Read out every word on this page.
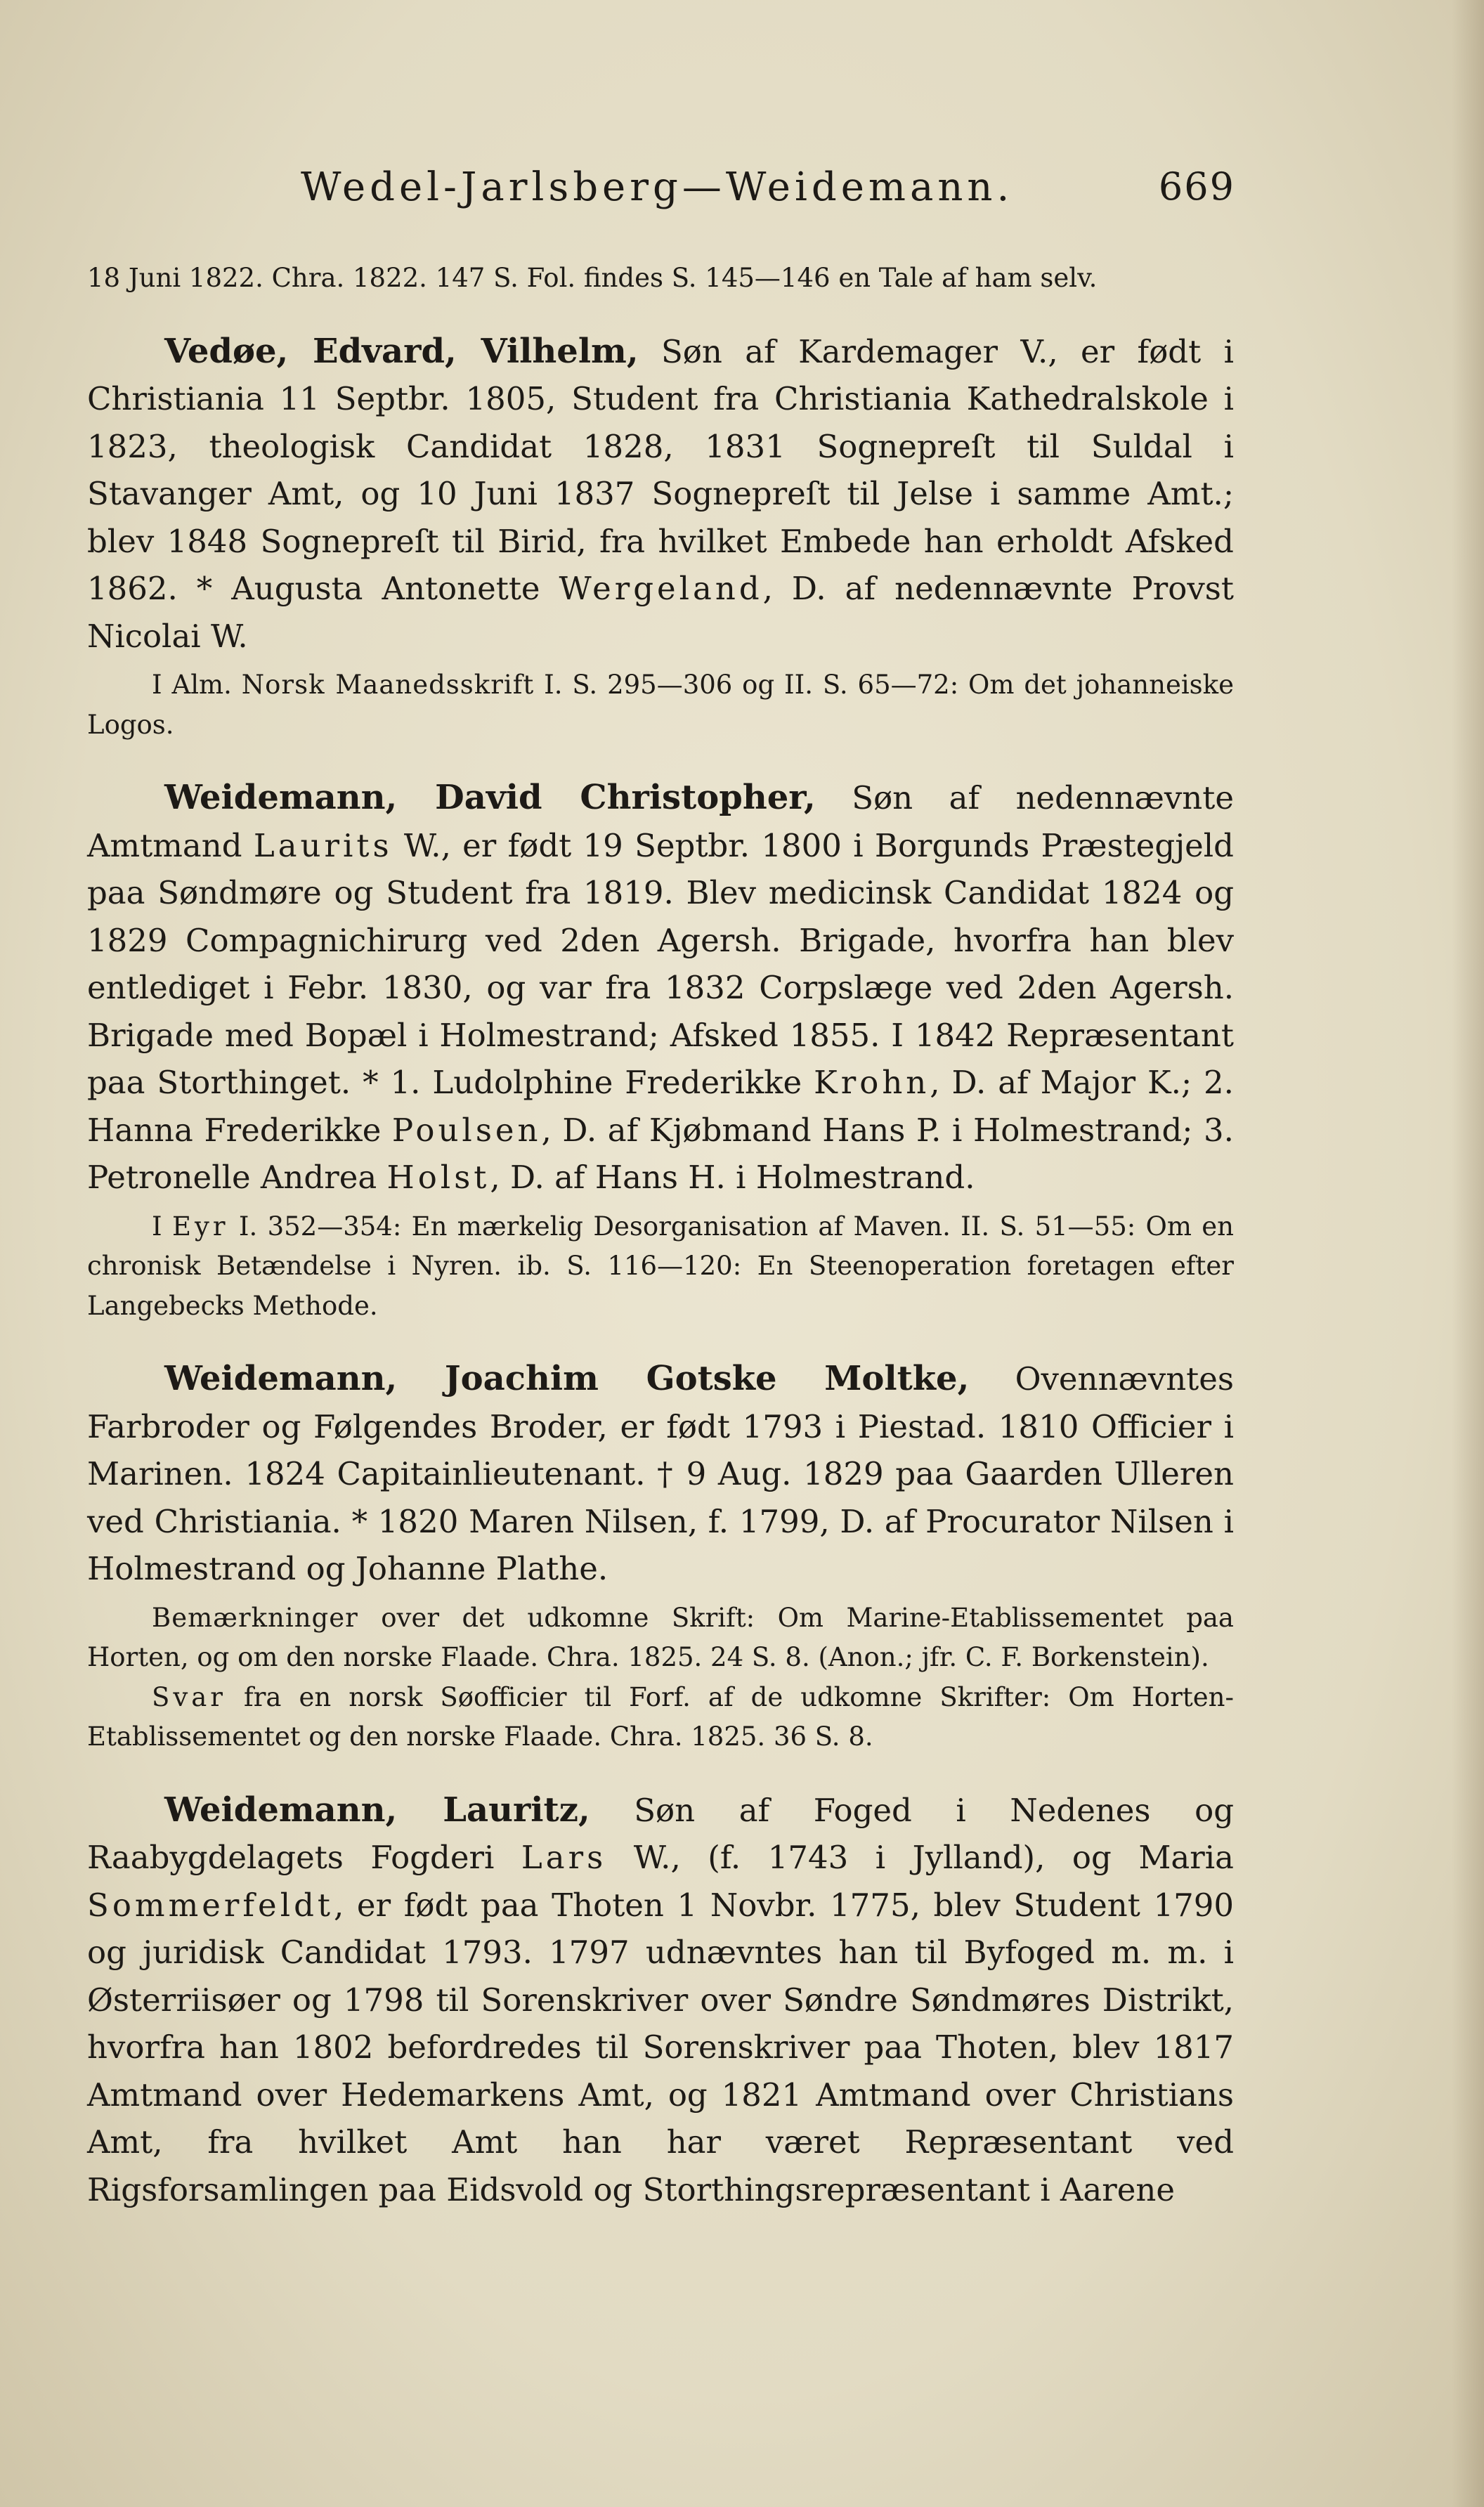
Wedel-Jarlsberg—Weidemann.	669

18 Juni 1822. Chra. 1822. 147 S. Fol. findes S. 145—146 en Tale af ham selv.

Vedøe, Edvard, Vilhelm, Søn af Kardemager V., er født i Christiania 11 Septbr. 1805, Student fra Christiania Kathedralskole i 1823, theologisk Candidat 1828, 1831 Sognepreſt til Suldal i Stavanger Amt, og 10 Juni 1837 Sognepreſt til Jelse i samme Amt.; blev 1848 Sognepreſt til Birid, fra hvilket Embede han erholdt Afsked 1862. * Augusta Antonette Wergeland, D. af nedennævnte Provst Nicolai W.

I Alm. Norsk Maanedsskrift I. S. 295—306 og II. S. 65—72: Om det johanneiske Logos.

Weidemann, David Christopher, Søn af nedennævnte Amtmand Laurits W., er født 19 Septbr. 1800 i Borgunds Præstegjeld paa Søndmøre og Student fra 1819. Blev medicinsk Candidat 1824 og 1829 Compagnichirurg ved 2den Agersh. Brigade, hvorfra han blev entlediget i Febr. 1830, og var fra 1832 Corpslæge ved 2den Agersh. Brigade med Bopæl i Holmestrand; Afsked 1855. I 1842 Repræsentant paa Storthinget. * 1. Ludolphine Frederikke Krohn, D. af Major K.; 2. Hanna Frederikke Poulsen, D. af Kjøbmand Hans P. i Holmestrand; 3. Petronelle Andrea Holst, D. af Hans H. i Holmestrand.

I Eyr I. 352—354: En mærkelig Desorganisation af Maven. II. S. 51—55: Om en chronisk Betændelse i Nyren. ib. S. 116—120: En Steenoperation foretagen efter Langebecks Methode.

Weidemann, Joachim Gotske Moltke, Ovennævntes Farbroder og Følgendes Broder, er født 1793 i Piestad. 1810 Officier i Marinen. 1824 Capitainlieutenant. † 9 Aug. 1829 paa Gaarden Ulleren ved Christiania. * 1820 Maren Nilsen, f. 1799, D. af Procurator Nilsen i Holmestrand og Johanne Plathe.

Bemærkninger over det udkomne Skrift: Om Marine-Etablissementet paa Horten, og om den norske Flaade. Chra. 1825. 24 S. 8. (Anon.; jfr. C. F. Borkenstein).

Svar fra en norsk Søofficier til Forf. af de udkomne Skrifter: Om Horten-Etablissementet og den norske Flaade. Chra. 1825. 36 S. 8.

Weidemann, Lauritz, Søn af Foged i Nedenes og Raabygdelagets Fogderi Lars W., (f. 1743 i Jylland), og Maria Sommerfeldt, er født paa Thoten 1 Novbr. 1775, blev Student 1790 og juridisk Candidat 1793. 1797 udnævntes han til Byfoged m. m. i Østerriisøer og 1798 til Sorenskriver over Søndre Søndmøres Distrikt, hvorfra han 1802 befordredes til Sorenskriver paa Thoten, blev 1817 Amtmand over Hedemarkens Amt, og 1821 Amtmand over Christians Amt, fra hvilket Amt han har været Repræsentant ved Rigsforsamlingen paa Eidsvold og Storthingsrepræsentant i Aarene
